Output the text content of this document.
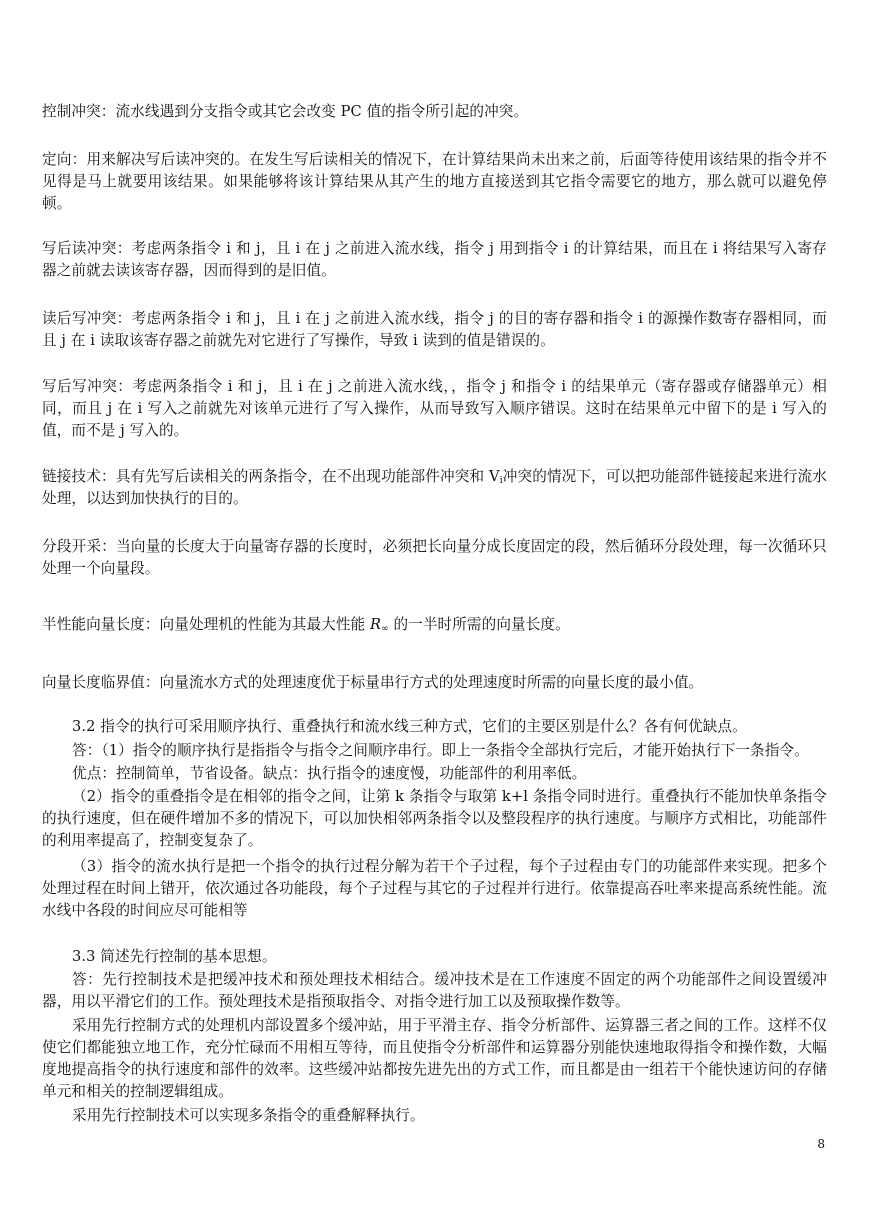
控制冲突：流水线遇到分支指令或其它会改变 PC 值的指令所引起的冲突。

定向：用来解决写后读冲突的。在发生写后读相关的情况下，在计算结果尚未出来之前，后面等待使用该结果的指令并不见得是马上就要用该结果。如果能够将该计算结果从其产生的地方直接送到其它指令需要它的地方，那么就可以避免停顿。

写后读冲突：考虑两条指令 i 和 j，且 i 在 j 之前进入流水线，指令 j 用到指令 i 的计算结果，而且在 i 将结果写入寄存器之前就去读该寄存器，因而得到的是旧值。

读后写冲突：考虑两条指令 i 和 j，且 i 在 j 之前进入流水线，指令 j 的目的寄存器和指令 i 的源操作数寄存器相同，而且 j 在 i 读取该寄存器之前就先对它进行了写操作，导致 i 读到的值是错误的。

写后写冲突：考虑两条指令 i 和 j，且 i 在 j 之前进入流水线，，指令 j 和指令 i 的结果单元（寄存器或存储器单元）相同，而且 j 在 i 写入之前就先对该单元进行了写入操作，从而导致写入顺序错误。这时在结果单元中留下的是 i 写入的值，而不是 j 写入的。

链接技术：具有先写后读相关的两条指令，在不出现功能部件冲突和 $V_i$冲突的情况下，可以把功能部件链接起来进行流水处理，以达到加快执行的目的。

分段开采：当向量的长度大于向量寄存器的长度时，必须把长向量分成长度固定的段，然后循环分段处理，每一次循环只处理一个向量段。

半性能向量长度：向量处理机的性能为其最大性能 $R_\infty$ 的一半时所需的向量长度。

向量长度临界值：向量流水方式的处理速度优于标量串行方式的处理速度时所需的向量长度的最小值。

3.2 指令的执行可采用顺序执行、重叠执行和流水线三种方式，它们的主要区别是什么？各有何优缺点。

答：（1）指令的顺序执行是指指令与指令之间顺序串行。即上一条指令全部执行完后，才能开始执行下一条指令。

优点：控制简单，节省设备。缺点：执行指令的速度慢，功能部件的利用率低。

（2）指令的重叠指令是在相邻的指令之间，让第 k 条指令与取第 k+l 条指令同时进行。重叠执行不能加快单条指令的执行速度，但在硬件增加不多的情况下，可以加快相邻两条指令以及整段程序的执行速度。与顺序方式相比，功能部件的利用率提高了，控制变复杂了。

（3）指令的流水执行是把一个指令的执行过程分解为若干个子过程，每个子过程由专门的功能部件来实现。把多个处理过程在时间上错开，依次通过各功能段，每个子过程与其它的子过程并行进行。依靠提高吞吐率来提高系统性能。流水线中各段的时间应尽可能相等

3.3 简述先行控制的基本思想。

答：先行控制技术是把缓冲技术和预处理技术相结合。缓冲技术是在工作速度不固定的两个功能部件之间设置缓冲器，用以平滑它们的工作。预处理技术是指预取指令、对指令进行加工以及预取操作数等。

采用先行控制方式的处理机内部设置多个缓冲站，用于平滑主存、指令分析部件、运算器三者之间的工作。这样不仅使它们都能独立地工作，充分忙碌而不用相互等待，而且使指令分析部件和运算器分别能快速地取得指令和操作数，大幅度地提高指令的执行速度和部件的效率。这些缓冲站都按先进先出的方式工作，而且都是由一组若干个能快速访问的存储单元和相关的控制逻辑组成。

采用先行控制技术可以实现多条指令的重叠解释执行。

8
